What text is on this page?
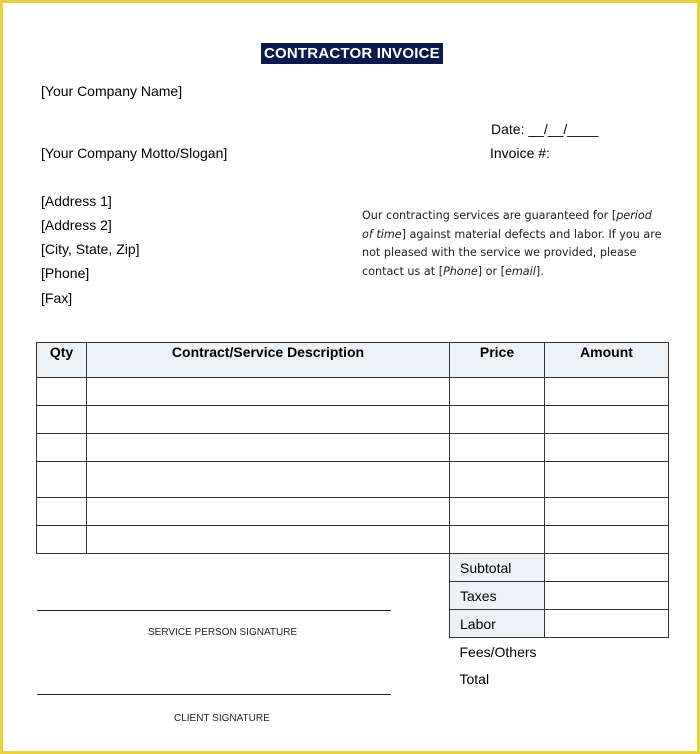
CONTRACTOR INVOICE
[Your Company Name]
[Your Company Motto/Slogan]
Date: __/__/____
Invoice #:
[Address 1]
[Address 2]
[City, State, Zip]
[Phone]
[Fax]
Our contracting services are guaranteed for [period of time] against material defects and labor. If you are not pleased with the service we provided, please contact us at [Phone] or [email].
Qty	Contract/Service Description	Price	Amount

Subtotal	
Taxes	
Labor	
Fees/Others	
Total	
SERVICE PERSON SIGNATURE
CLIENT SIGNATURE
